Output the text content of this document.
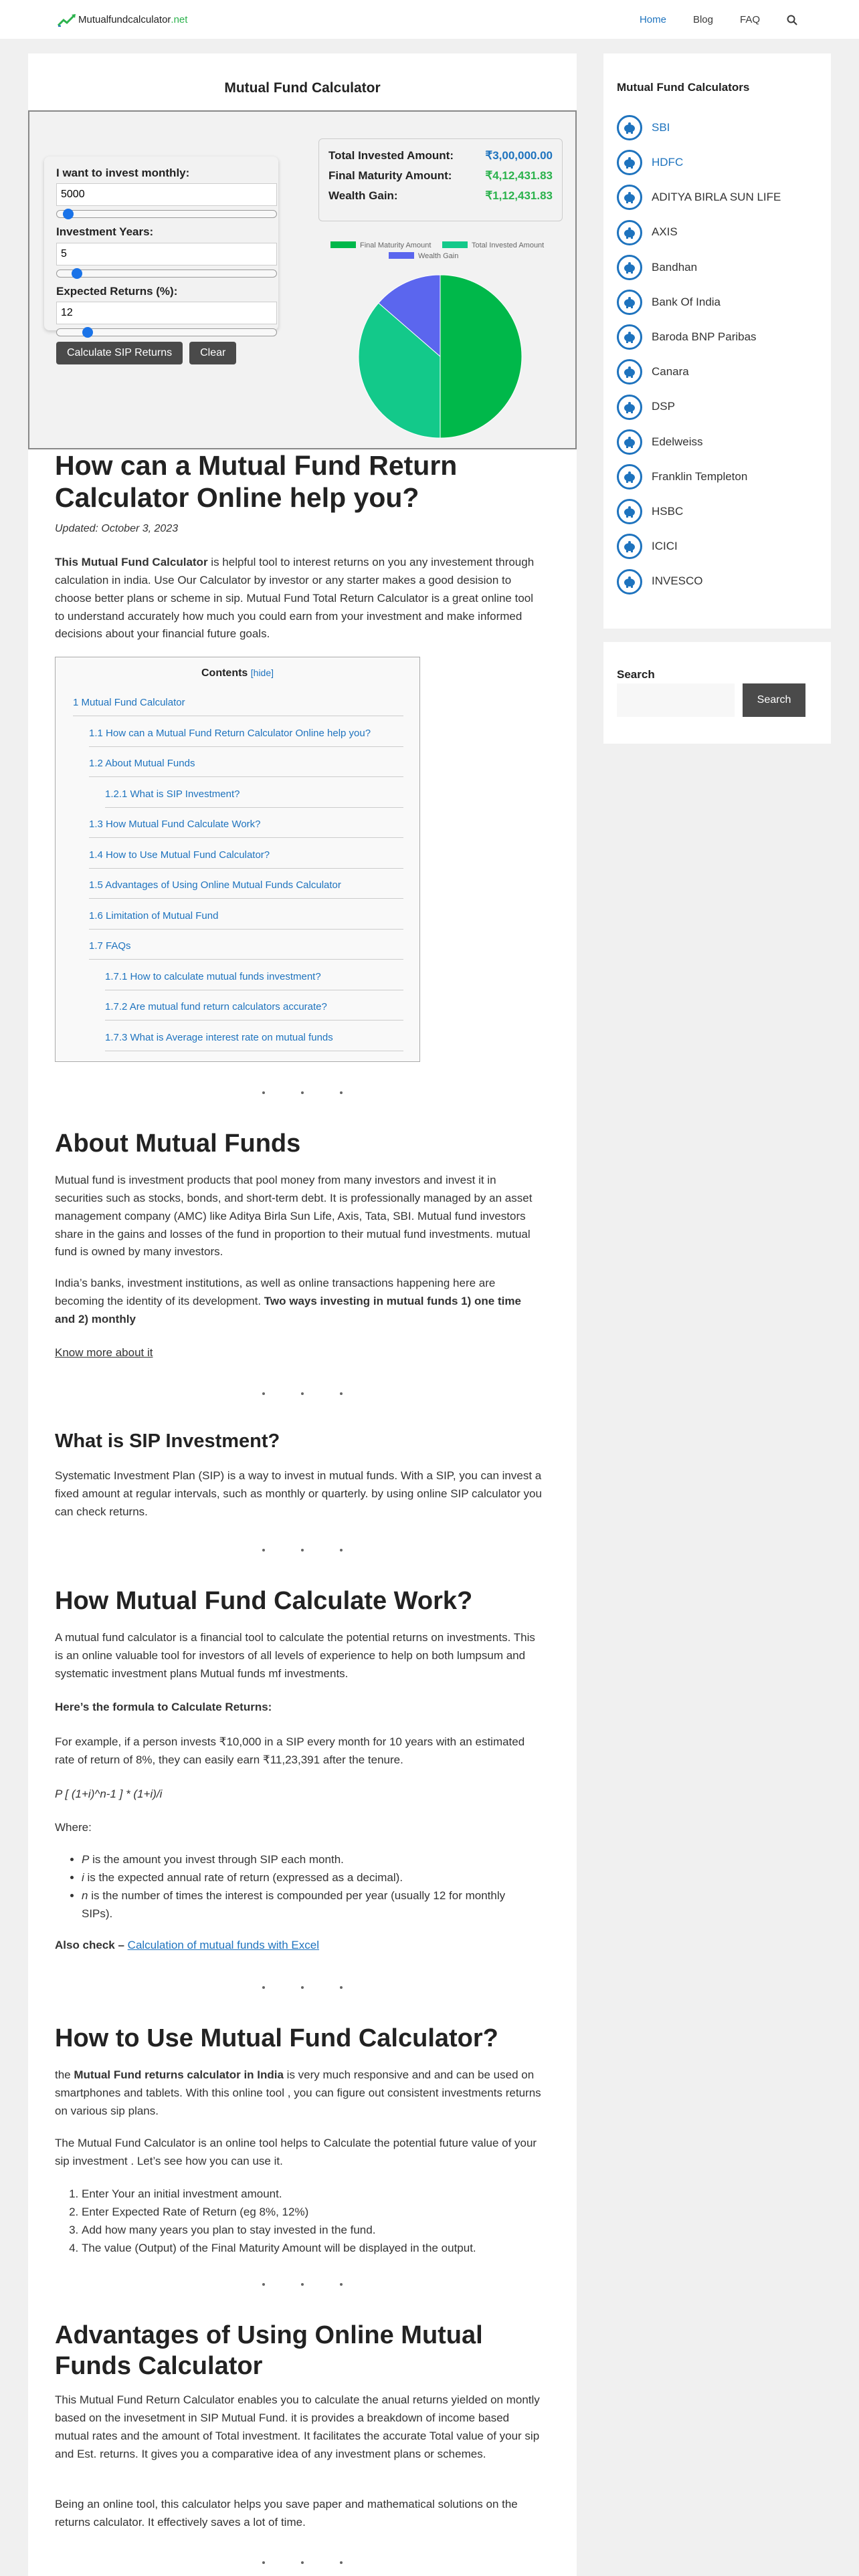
Mutualfundcalculator .net	Home	Blog	FAQ
Mutual Fund Calculator
I want to invest monthly:
5000
Investment Years:
5
Expected Returns (%):
12
Calculate SIP Returns	Clear
Total Invested Amount:	₹3,00,000.00
Final Maturity Amount:	₹4,12,431.83
Wealth Gain:	₹1,12,431.83
Final Maturity Amount	Total Invested Amount
Wealth Gain
How can a Mutual Fund Return Calculator Online help you?
Updated: October 3, 2023

This Mutual Fund Calculator is helpful tool to interest returns on you any investement through calculation in india. Use Our Calculator by investor or any starter makes a good desision to choose better plans or scheme in sip. Mutual Fund Total Return Calculator is a great online tool to understand accurately how much you could earn from your investment and make informed decisions about your financial future goals.

Contents [hide]
1 Mutual Fund Calculator
1.1 How can a Mutual Fund Return Calculator Online help you?
1.2 About Mutual Funds
1.2.1 What is SIP Investment?
1.3 How Mutual Fund Calculate Work?
1.4 How to Use Mutual Fund Calculator?
1.5 Advantages of Using Online Mutual Funds Calculator
1.6 Limitation of Mutual Fund
1.7 FAQs
1.7.1 How to calculate mutual funds investment?
1.7.2 Are mutual fund return calculators accurate?
1.7.3 What is Average interest rate on mutual funds
About Mutual Funds

Mutual fund is investment products that pool money from many investors and invest it in securities such as stocks, bonds, and short-term debt. It is professionally managed by an asset management company (AMC) like Aditya Birla Sun Life, Axis, Tata, SBI. Mutual fund investors share in the gains and losses of the fund in proportion to their mutual fund investments. mutual fund is owned by many investors.

India’s banks, investment institutions, as well as online transactions happening here are becoming the identity of its development. Two ways investing in mutual funds 1) one time and 2) monthly

Know more about it
What is SIP Investment?

Systematic Investment Plan (SIP) is a way to invest in mutual funds. With a SIP, you can invest a fixed amount at regular intervals, such as monthly or quarterly. by using online SIP calculator you can check returns.

How Mutual Fund Calculate Work?

A mutual fund calculator is a financial tool to calculate the potential returns on investments. This is an online valuable tool for investors of all levels of experience to help on both lumpsum and systematic investment plans Mutual funds mf investments.

Here’s the formula to Calculate Returns:

For example, if a person invests ₹10,000 in a SIP every month for 10 years with an estimated rate of return of 8%, they can easily earn ₹11,23,391 after the tenure.

P [ (1+i)^n-1 ] * (1+i)/i

Where:

• P is the amount you invest through SIP each month.
• i is the expected annual rate of return (expressed as a decimal).
• n is the number of times the interest is compounded per year (usually 12 for monthly SIPs).

Also check – Calculation of mutual funds with Excel

How to Use Mutual Fund Calculator?

the Mutual Fund returns calculator in India is very much responsive and and can be used on smartphones and tablets. With this online tool , you can figure out consistent investments returns on various sip plans.

The Mutual Fund Calculator is an online tool helps to Calculate the potential future value of your sip investment . Let’s see how you can use it.

1. Enter Your an initial investment amount.
2. Enter Expected Rate of Return (eg 8%, 12%)
3. Add how many years you plan to stay invested in the fund.
4. The value (Output) of the Final Maturity Amount will be displayed in the output.
Advantages of Using Online Mutual Funds Calculator

This Mutual Fund Return Calculator enables you to calculate the anual returns yielded on montly based on the invesetment in SIP Mutual Fund. it is provides a breakdown of income based mutual rates and the amount of Total investment. It facilitates the accurate Total value of your sip and Est. returns. It gives you a comparative idea of any investment plans or schemes.

Being an online tool, this calculator helps you save paper and mathematical solutions on the returns calculator. It effectively saves a lot of time.

Mutual Fund Calculators
SBI
HDFC
ADITYA BIRLA SUN LIFE
AXIS
Bandhan
Bank Of India
Baroda BNP Paribas
Canara
DSP
Edelweiss
Franklin Templeton
HSBC
ICICI
INVESCO
Search
Search
